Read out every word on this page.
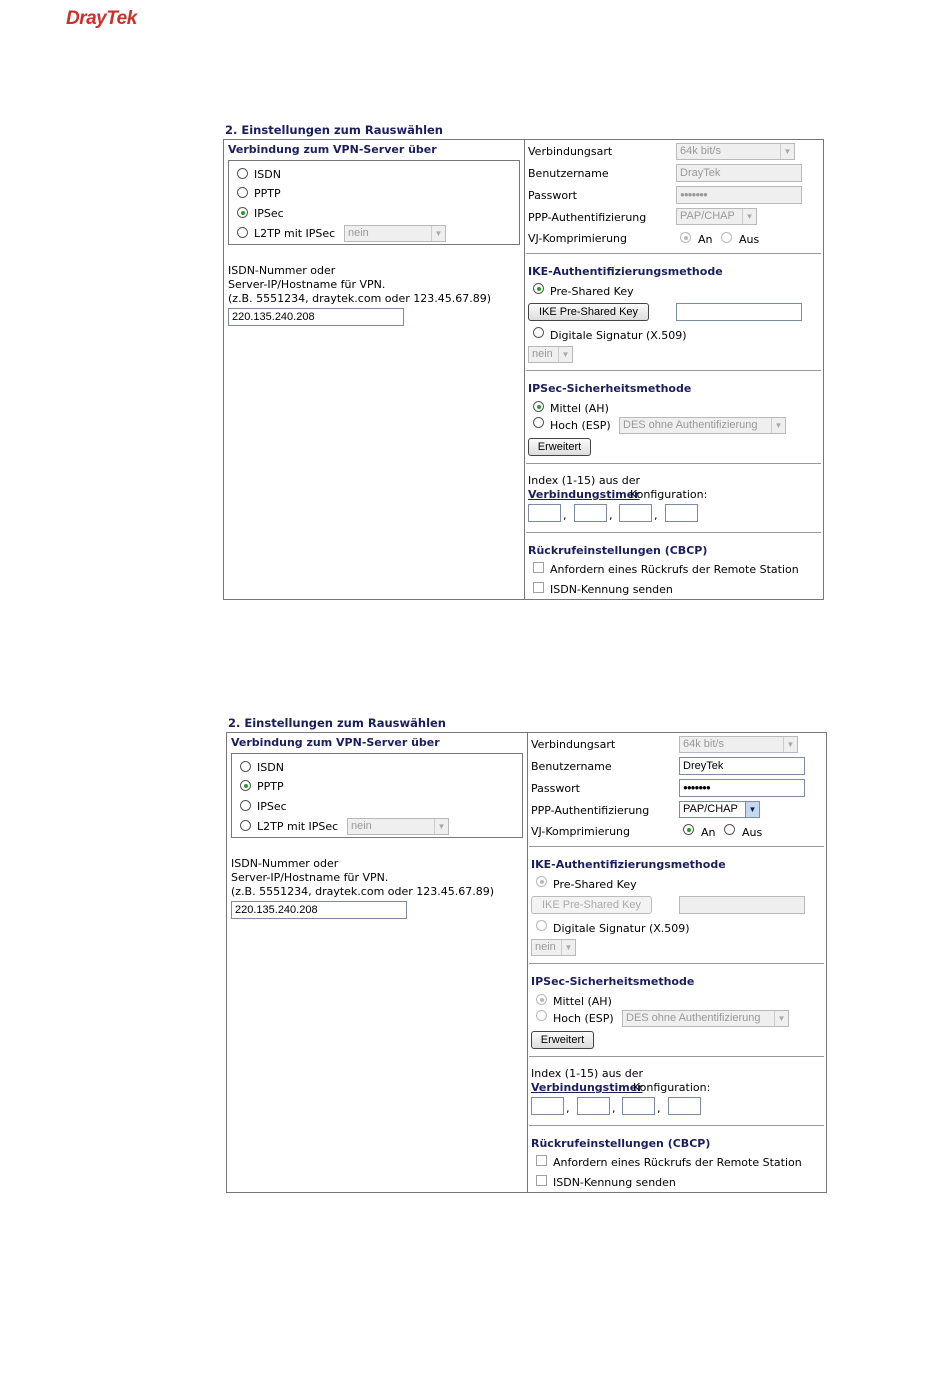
DrayTek
2. Einstellungen zum Rauswählen
Verbindung zum VPN-Server über
ISDN
PPTP
IPSec
L2TP mit IPSec	nein	▼
ISDN-Nummer oder
Server-IP/Hostname für VPN.
(z.B. 5551234, draytek.com oder 123.45.67.89)
220.135.240.208
Verbindungsart	64k bit/s	▼
Benutzername	DrayTek
Passwort	●●●●●●●
PPP-Authentifizierung	PAP/CHAP	▼
VJ-Komprimierung	An Aus
IKE-Authentifizierungsmethode
Pre-Shared Key
IKE Pre-Shared Key
Digitale Signatur (X.509)
nein	▼
IPSec-Sicherheitsmethode
Mittel (AH)
Hoch (ESP)	DES ohne Authentifizierung	▼
Erweitert
Index (1-15) aus der
Verbindungstimer
Konfiguration:
,	,	,
Rückrufeinstellungen (CBCP)
Anfordern eines Rückrufs der Remote Station
ISDN-Kennung senden
2. Einstellungen zum Rauswählen
Verbindung zum VPN-Server über
ISDN
PPTP
IPSec
L2TP mit IPSec	nein	▼
ISDN-Nummer oder
Server-IP/Hostname für VPN.
(z.B. 5551234, draytek.com oder 123.45.67.89)
220.135.240.208
Verbindungsart	64k bit/s	▼
Benutzername	DreyTek
Passwort	●●●●●●●
PPP-Authentifizierung	PAP/CHAP	▼
VJ-Komprimierung	An Aus
IKE-Authentifizierungsmethode
Pre-Shared Key
IKE Pre-Shared Key
Digitale Signatur (X.509)
nein	▼
IPSec-Sicherheitsmethode
Mittel (AH)
Hoch (ESP)	DES ohne Authentifizierung	▼
Erweitert
Index (1-15) aus der
Verbindungstimer
Konfiguration:
,	,	,
Rückrufeinstellungen (CBCP)
Anfordern eines Rückrufs der Remote Station
ISDN-Kennung senden
